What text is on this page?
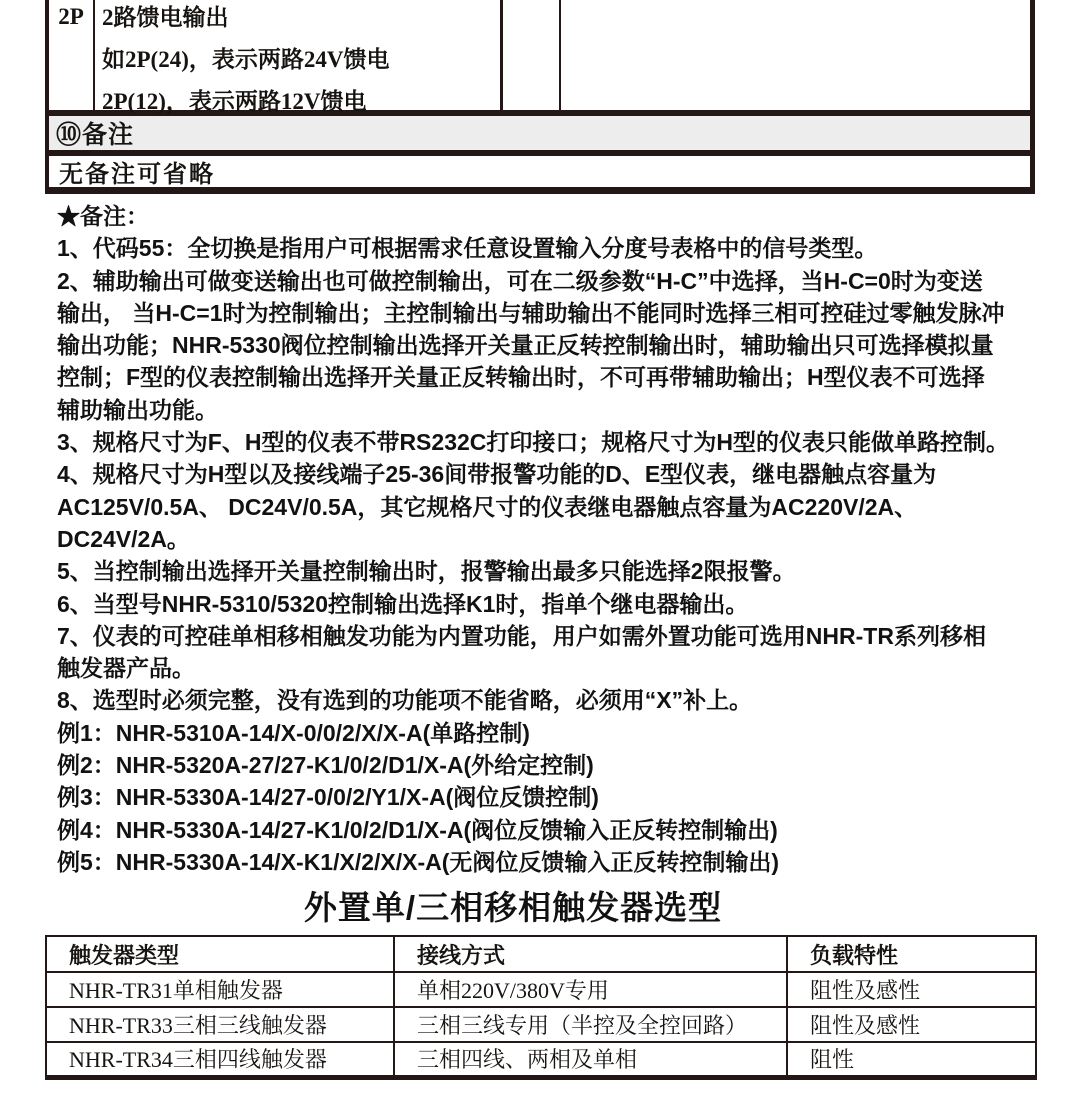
2P 2路馈电输出
如2P(24)，表示两路24V馈电
2P(12)，表示两路12V馈电
⑩备注
无备注可省略
★备注：
1、代码55：全切换是指用户可根据需求任意设置输入分度号表格中的信号类型。
2、辅助输出可做变送输出也可做控制输出，可在二级参数“H-C”中选择，当H-C=0时为变送
输出， 当H-C=1时为控制输出；主控制输出与辅助输出不能同时选择三相可控硅过零触发脉冲
输出功能；NHR-5330阀位控制输出选择开关量正反转控制输出时，辅助输出只可选择模拟量
控制；F型的仪表控制输出选择开关量正反转输出时，不可再带辅助输出；H型仪表不可选择
辅助输出功能。
3、规格尺寸为F、H型的仪表不带RS232C打印接口；规格尺寸为H型的仪表只能做单路控制。
4、规格尺寸为H型以及接线端子25-36间带报警功能的D、E型仪表，继电器触点容量为
AC125V/0.5A、 DC24V/0.5A，其它规格尺寸的仪表继电器触点容量为AC220V/2A、
DC24V/2A。
5、当控制输出选择开关量控制输出时，报警输出最多只能选择2限报警。
6、当型号NHR-5310/5320控制输出选择K1时，指单个继电器输出。
7、仪表的可控硅单相移相触发功能为内置功能，用户如需外置功能可选用NHR-TR系列移相
触发器产品。
8、选型时必须完整，没有选到的功能项不能省略，必须用“X”补上。
例1：NHR-5310A-14/X-0/0/2/X/X-A(单路控制)
例2：NHR-5320A-27/27-K1/0/2/D1/X-A(外给定控制)
例3：NHR-5330A-14/27-0/0/2/Y1/X-A(阀位反馈控制)
例4：NHR-5330A-14/27-K1/0/2/D1/X-A(阀位反馈输入正反转控制输出)
例5：NHR-5330A-14/X-K1/X/2/X/X-A(无阀位反馈输入正反转控制输出)
外置单/三相移相触发器选型
触发器类型	接线方式	负载特性
NHR-TR31单相触发器	单相220V/380V专用	阻性及感性
NHR-TR33三相三线触发器	三相三线专用（半控及全控回路）	阻性及感性
NHR-TR34三相四线触发器	三相四线、两相及单相	阻性
